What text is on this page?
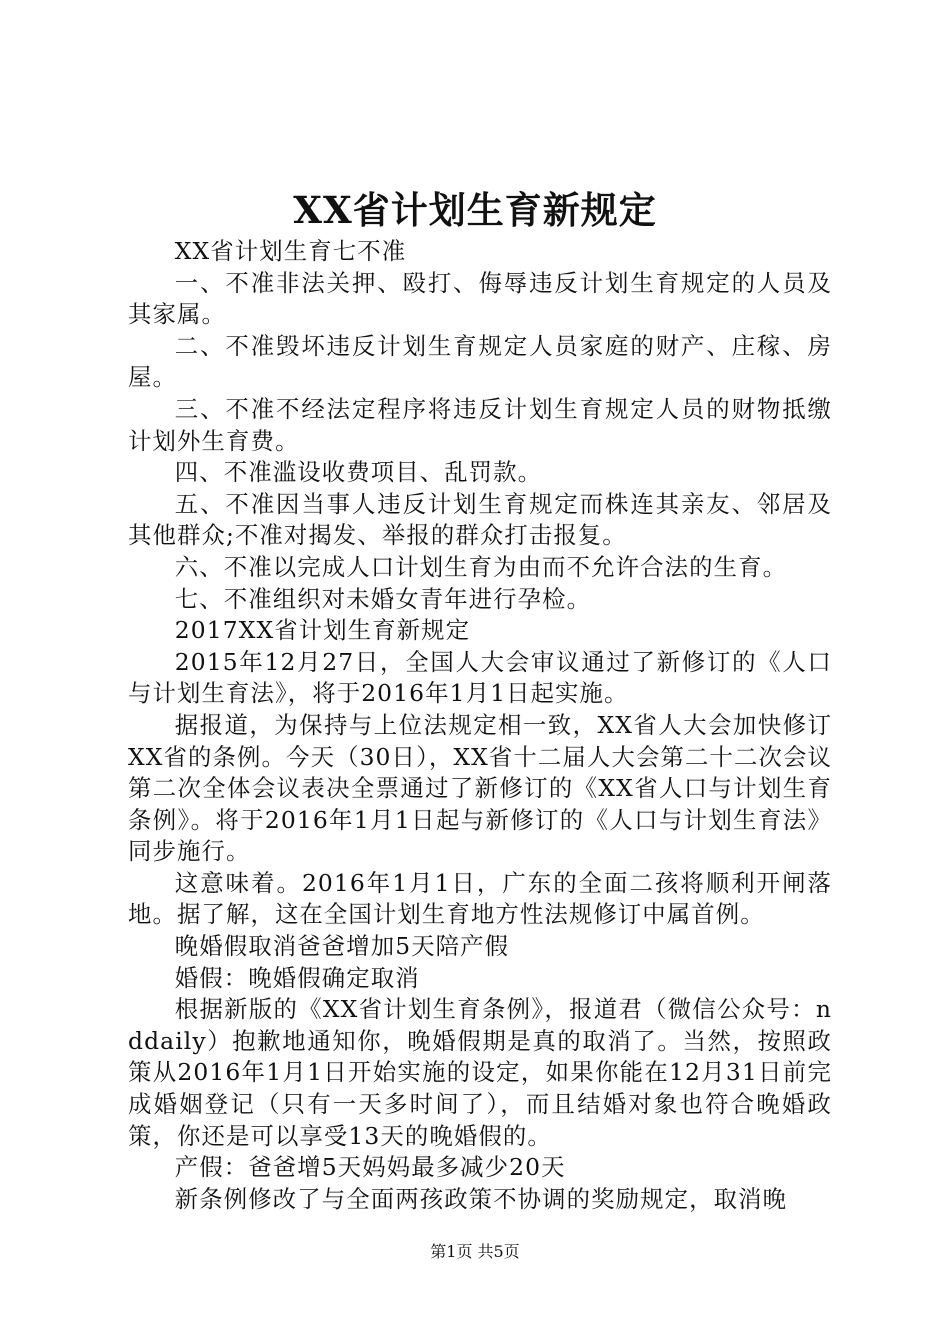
XX省计划生育新规定

XX省计划生育七不准

一、不准非法关押、殴打、侮辱违反计划生育规定的人员及其家属。

二、不准毁坏违反计划生育规定人员家庭的财产、庄稼、房屋。

三、不准不经法定程序将违反计划生育规定人员的财物抵缴计划外生育费。

四、不准滥设收费项目、乱罚款。

五、不准因当事人违反计划生育规定而株连其亲友、邻居及其他群众;不准对揭发、举报的群众打击报复。

六、不准以完成人口计划生育为由而不允许合法的生育。

七、不准组织对未婚女青年进行孕检。

2017XX省计划生育新规定

2015年12月27日，全国人大会审议通过了新修订的《人口与计划生育法》，将于2016年1月1日起实施。

据报道，为保持与上位法规定相一致，XX省人大会加快修订XX省的条例。今天（30日），XX省十二届人大会第二十二次会议第二次全体会议表决全票通过了新修订的《XX省人口与计划生育条例》。将于2016年1月1日起与新修订的《人口与计划生育法》同步施行。

这意味着。2016年1月1日，广东的全面二孩将顺利开闸落地。据了解，这在全国计划生育地方性法规修订中属首例。

晚婚假取消爸爸增加5天陪产假

婚假：晚婚假确定取消

根据新版的《XX省计划生育条例》，报道君（微信公众号：nddaily）抱歉地通知你，晚婚假期是真的取消了。当然，按照政策从2016年1月1日开始实施的设定，如果你能在12月31日前完成婚姻登记（只有一天多时间了），而且结婚对象也符合晚婚政策，你还是可以享受13天的晚婚假的。

产假：爸爸增5天妈妈最多减少20天

新条例修改了与全面两孩政策不协调的奖励规定，取消晚

第1页 共5页
